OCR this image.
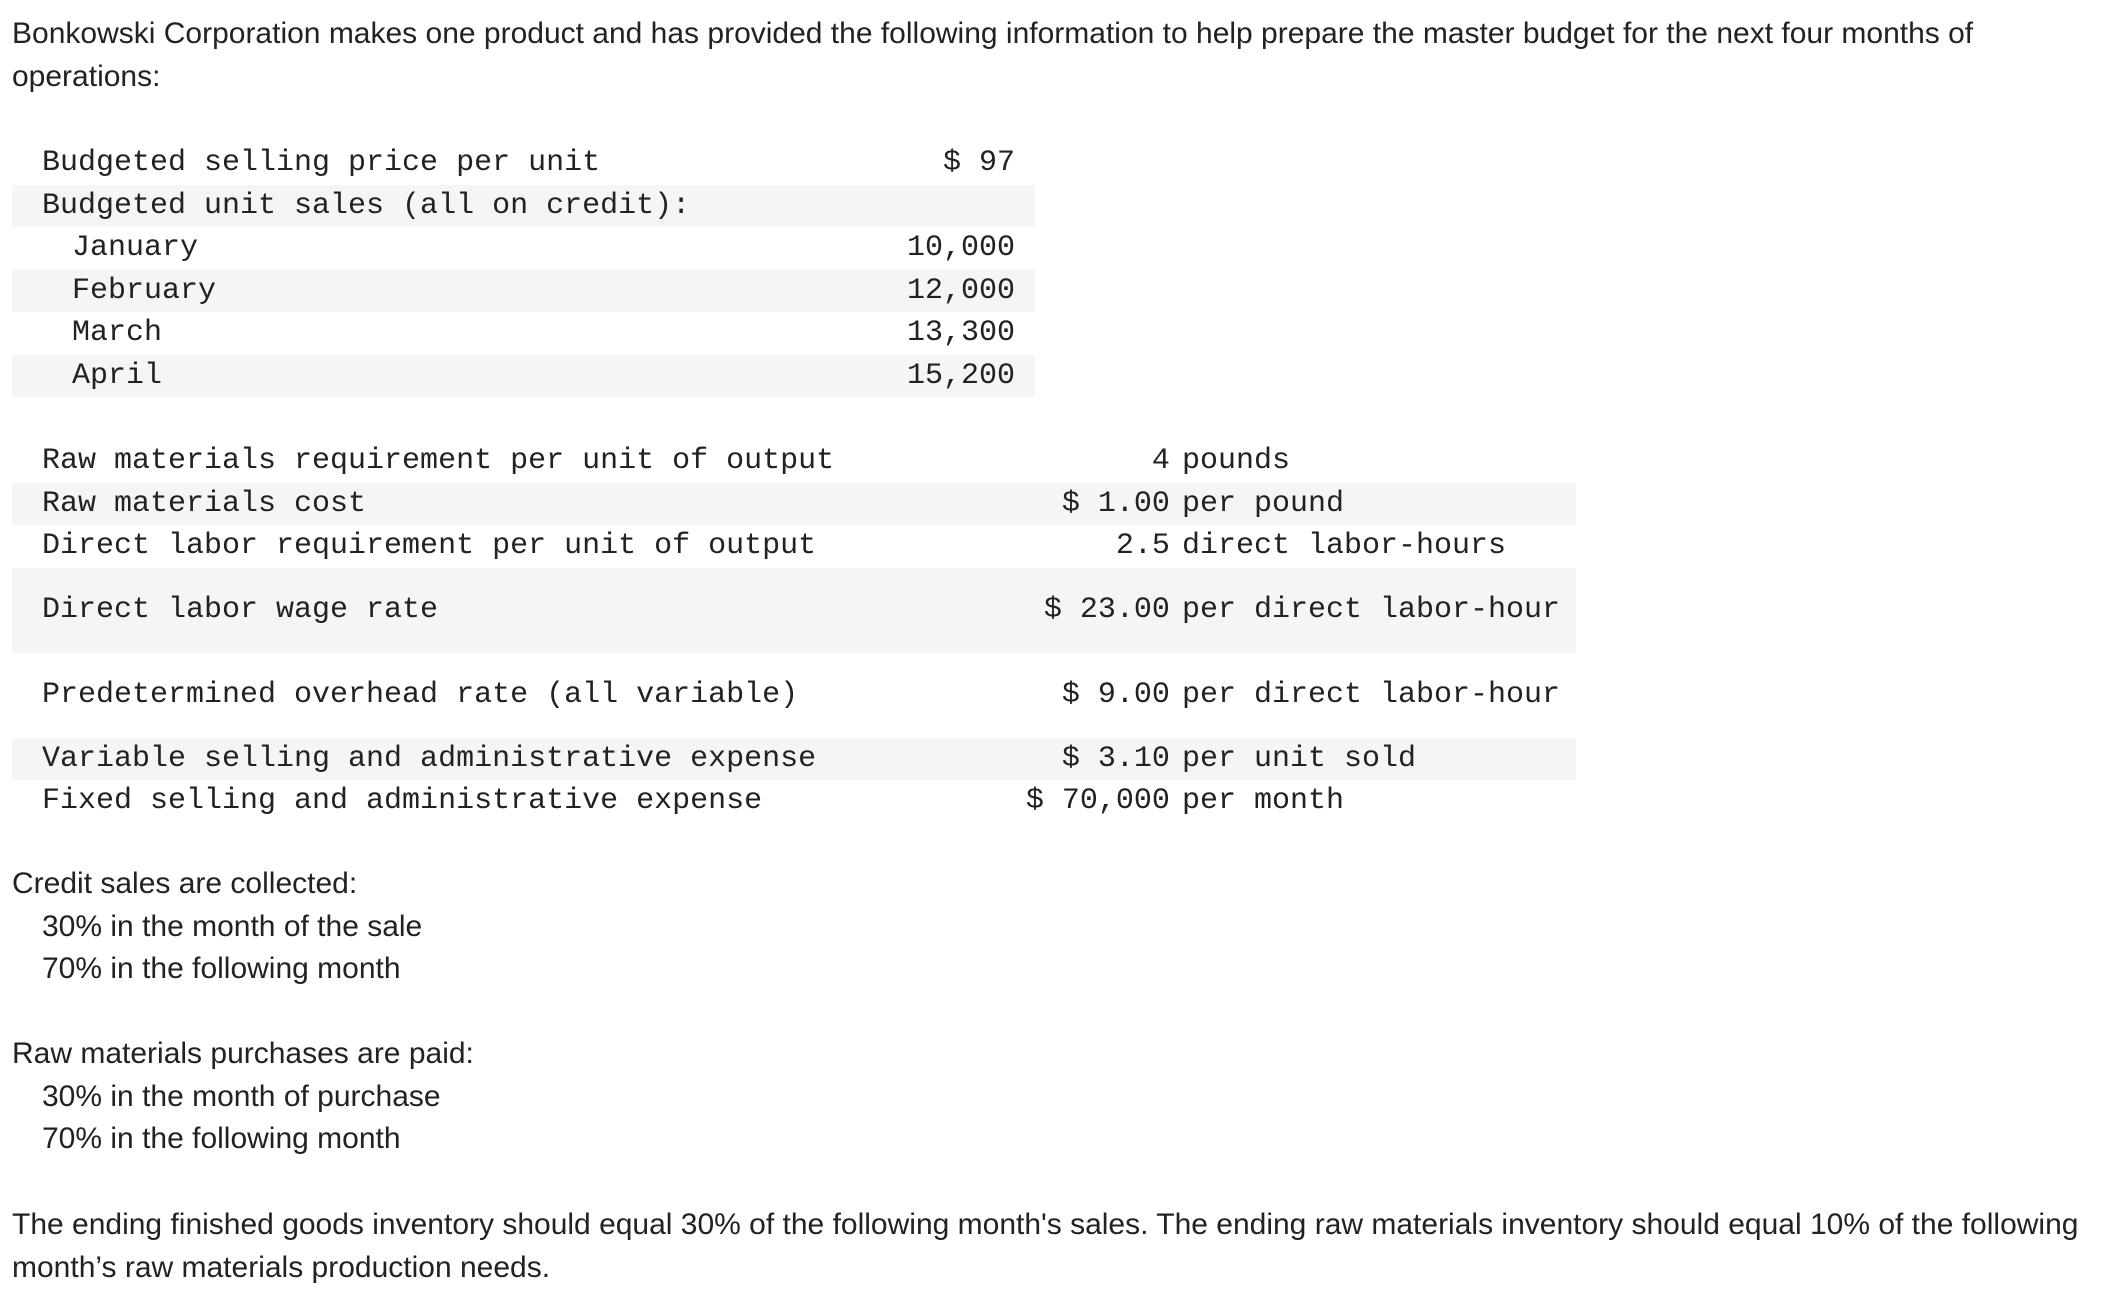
Bonkowski Corporation makes one product and has provided the following information to help prepare the master budget for the next four months of operations:

Budgeted selling price per unit	$ 97
Budgeted unit sales (all on credit):	
January	10,000
February	12,000
March	13,300
April	15,200
Raw materials requirement per unit of output	4	pounds
Raw materials cost	$ 1.00	per pound
Direct labor requirement per unit of output	2.5	direct labor-hours
Direct labor wage rate	$ 23.00	per direct labor-hour
Predetermined overhead rate (all variable)	$ 9.00	per direct labor-hour
Variable selling and administrative expense	$ 3.10	per unit sold
Fixed selling and administrative expense	$ 70,000	per month
Credit sales are collected:
30% in the month of the sale
70% in the following month
Raw materials purchases are paid:
30% in the month of purchase
70% in the following month

The ending finished goods inventory should equal 30% of the following month's sales. The ending raw materials inventory should equal 10% of the following month’s raw materials production needs.
